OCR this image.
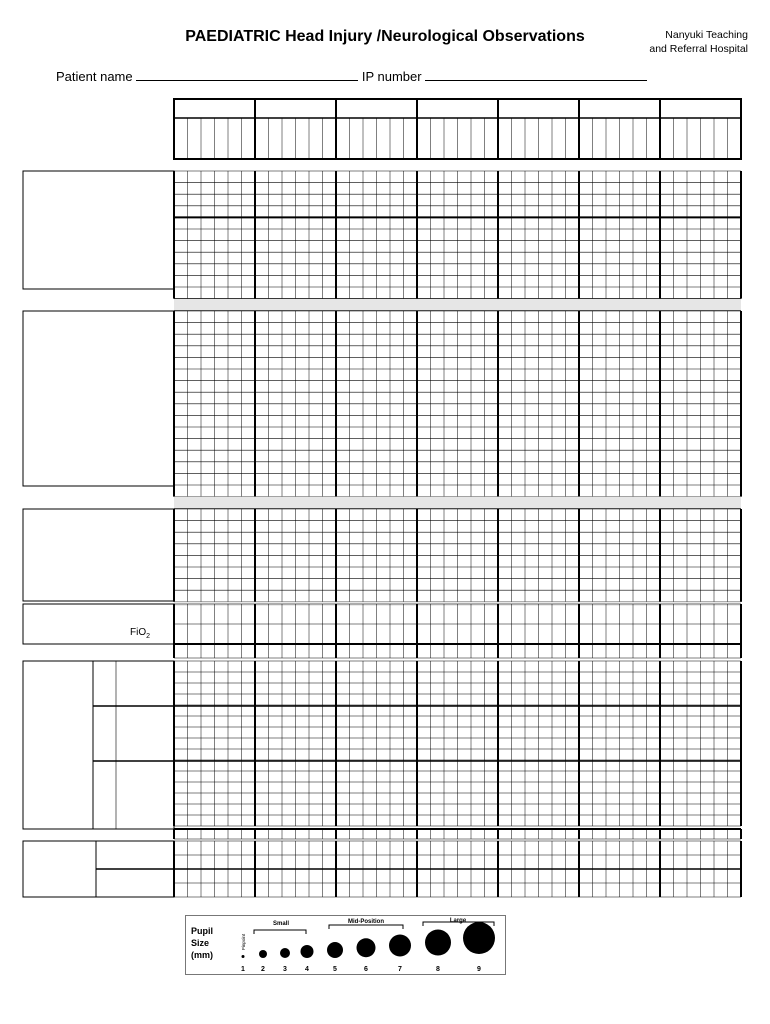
PAEDIATRIC Head Injury /Neurological Observations	Nanyuki Teaching
and Referral Hospital
Patient name	IP number
FiO$_2$
Pupil
Size
(mm)
Pinpoint
Small	Mid-Position	Large
1 2	3	4	5	6	7	8	9
